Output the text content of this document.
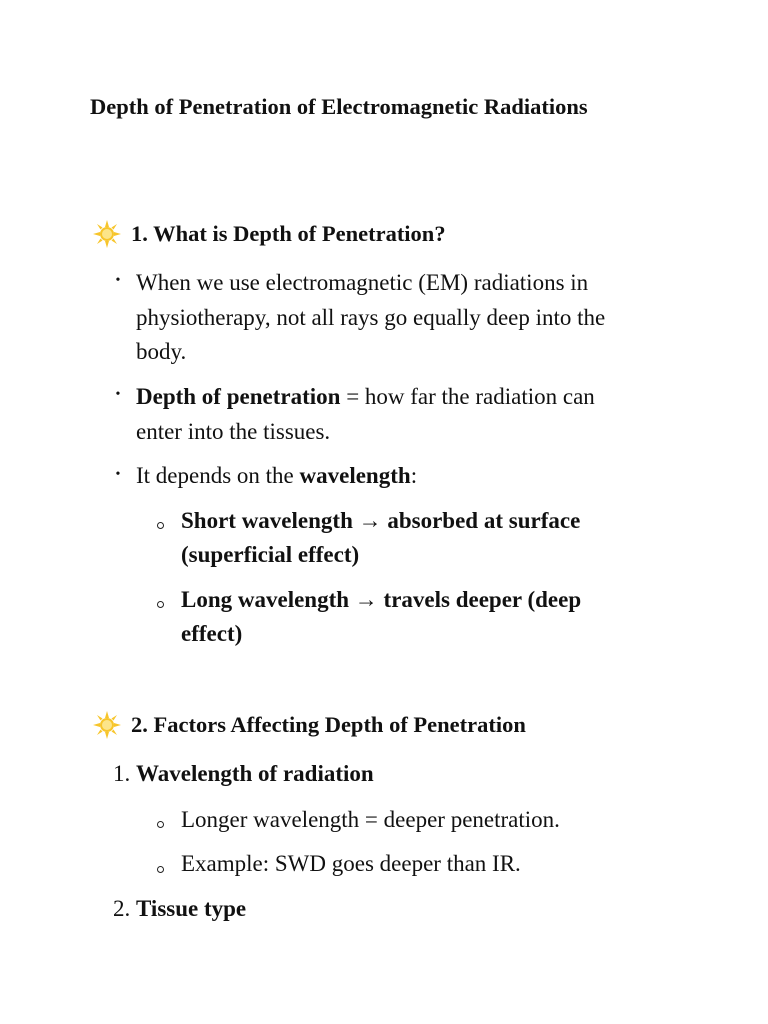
Depth of Penetration of Electromagnetic Radiations
1. What is Depth of Penetration?
• When we use electromagnetic (EM) radiations in

physiotherapy, not all rays go equally deep into the

body.

• Depth of penetration = how far the radiation can

enter into the tissues.

• It depends on the wavelength:

Short wavelength → absorbed at surface

(superficial effect)

Long wavelength → travels deeper (deep

effect)

2. Factors Affecting Depth of Penetration
1. Wavelength of radiation

Longer wavelength = deeper penetration.

Example: SWD goes deeper than IR.

2. Tissue type
